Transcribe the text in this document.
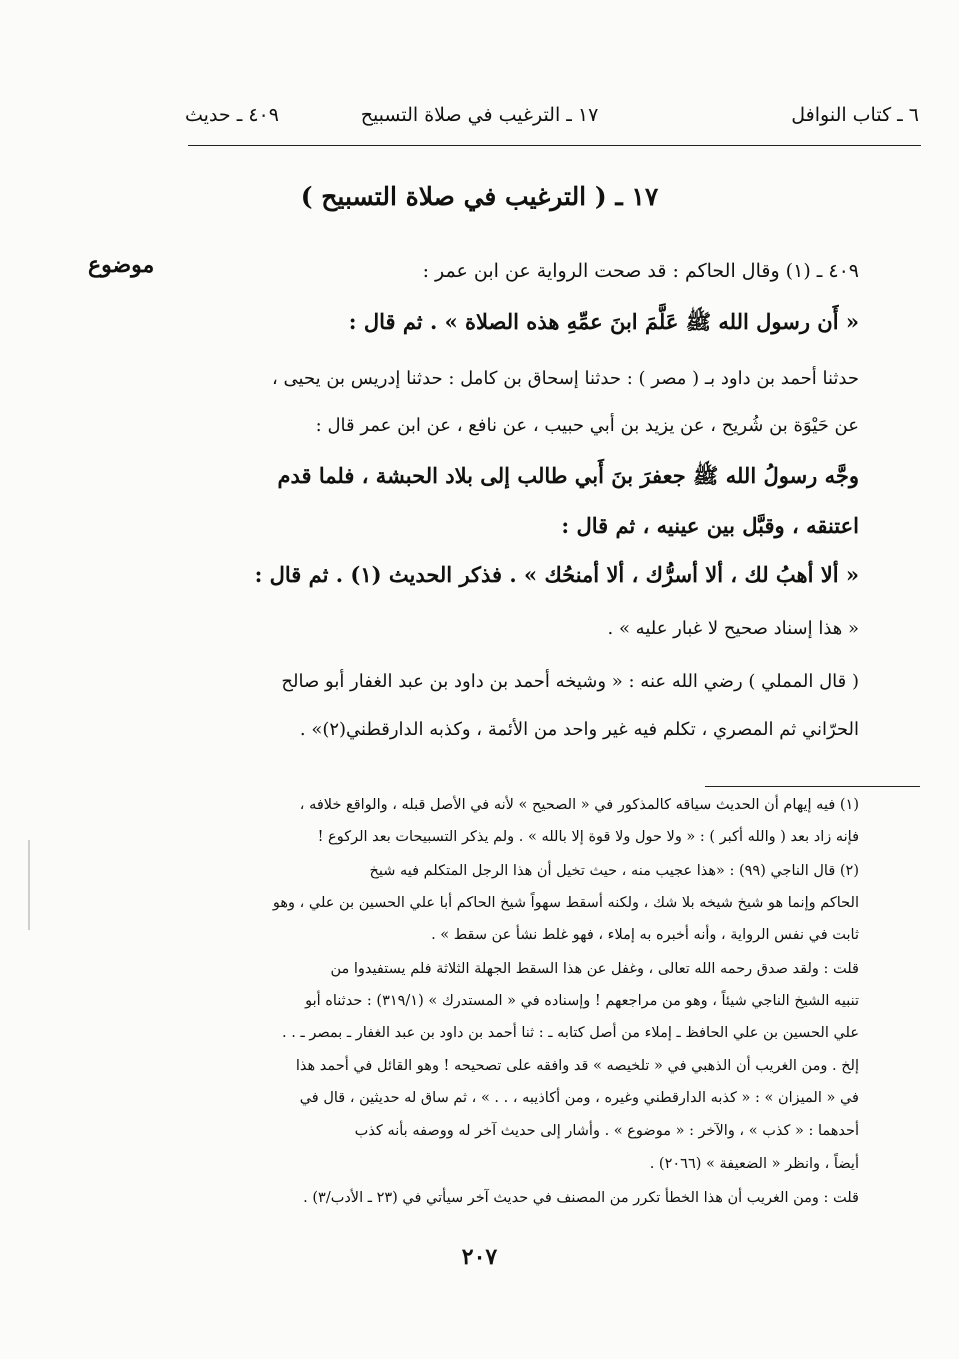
٦ ـ كتاب النوافل
١٧ ـ الترغيب في صلاة التسبيح
٤٠٩ ـ حديث
١٧ ـ ( الترغيب في صلاة التسبيح )
موضوع	٤٠٩ ـ (١) وقال الحاكم : قد صحت الرواية عن ابن عمر :
« أَن رسول الله ﷺ عَلَّمَ ابنَ عمِّهِ هذه الصلاة » . ثم قال :
حدثنا أحمد بن داود بـ ( مصر ) : حدثنا إسحاق بن كامل : حدثنا إدريس بن يحيى ،
عن حَيْوَة بن شُريح ، عن يزيد بن أبي حبيب ، عن نافع ، عن ابن عمر قال :
وجَّه رسولُ الله ﷺ جعفرَ بنَ أَبي طالب إلى بلاد الحبشة ، فلما قدم
اعتنقه ، وقبَّل بين عينيه ، ثم قال :
« ألا أهبُ لك ، ألا أسرُّك ، ألا أمنحُك » . فذكر الحديث (١) . ثم قال :
« هذا إسناد صحيح لا غبار عليه » .
( قال المملي ) رضي الله عنه : « وشيخه أحمد بن داود بن عبد الغفار أبو صالح
الحرّاني ثم المصري ، تكلم فيه غير واحد من الأئمة ، وكذبه الدارقطني(٢)» .
(١) فيه إيهام أن الحديث سياقه كالمذكور في « الصحيح » لأنه في الأصل قبله ، والواقع خلافه ،
فإنه زاد بعد ( والله أكبر ) : « ولا حول ولا قوة إلا بالله » . ولم يذكر التسبيحات بعد الركوع !
(٢) قال الناجي (٩٩) : «هذا عجيب منه ، حيث تخيل أن هذا الرجل المتكلم فيه شيخ
الحاكم وإنما هو شيخ شيخه بلا شك ، ولكنه أسقط سهواً شيخ الحاكم أبا علي الحسين بن علي ، وهو
ثابت في نفس الرواية ، وأنه أخبره به إملاء ، فهو غلط نشأ عن سقط » .
قلت : ولقد صدق رحمه الله تعالى ، وغفل عن هذا السقط الجهلة الثلاثة فلم يستفيدوا من
تنبيه الشيخ الناجي شيئاً ، وهو من مراجعهم ! وإسناده في « المستدرك » (٣١٩/١) : حدثناه أبو
علي الحسين بن علي الحافظ ـ إملاء من أصل كتابه ـ : ثنا أحمد بن داود بن عبد الغفار ـ بمصر ـ . .
إلخ . ومن الغريب أن الذهبي في « تلخيصه » قد وافقه على تصحيحه ! وهو القائل في أحمد هذا
في « الميزان » : « كذبه الدارقطني وغيره ، ومن أكاذيبه ، . . » ، ثم ساق له حديثين ، قال في
أحدهما : « كذب » ، والآخر : « موضوع » . وأشار إلى حديث آخر له ووصفه بأنه كذب
أيضاً ، وانظر « الضعيفة » (٢٠٦٦) .
قلت : ومن الغريب أن هذا الخطأ تكرر من المصنف في حديث آخر سيأتي في (٢٣ ـ الأدب/٣) .
٢٠٧
